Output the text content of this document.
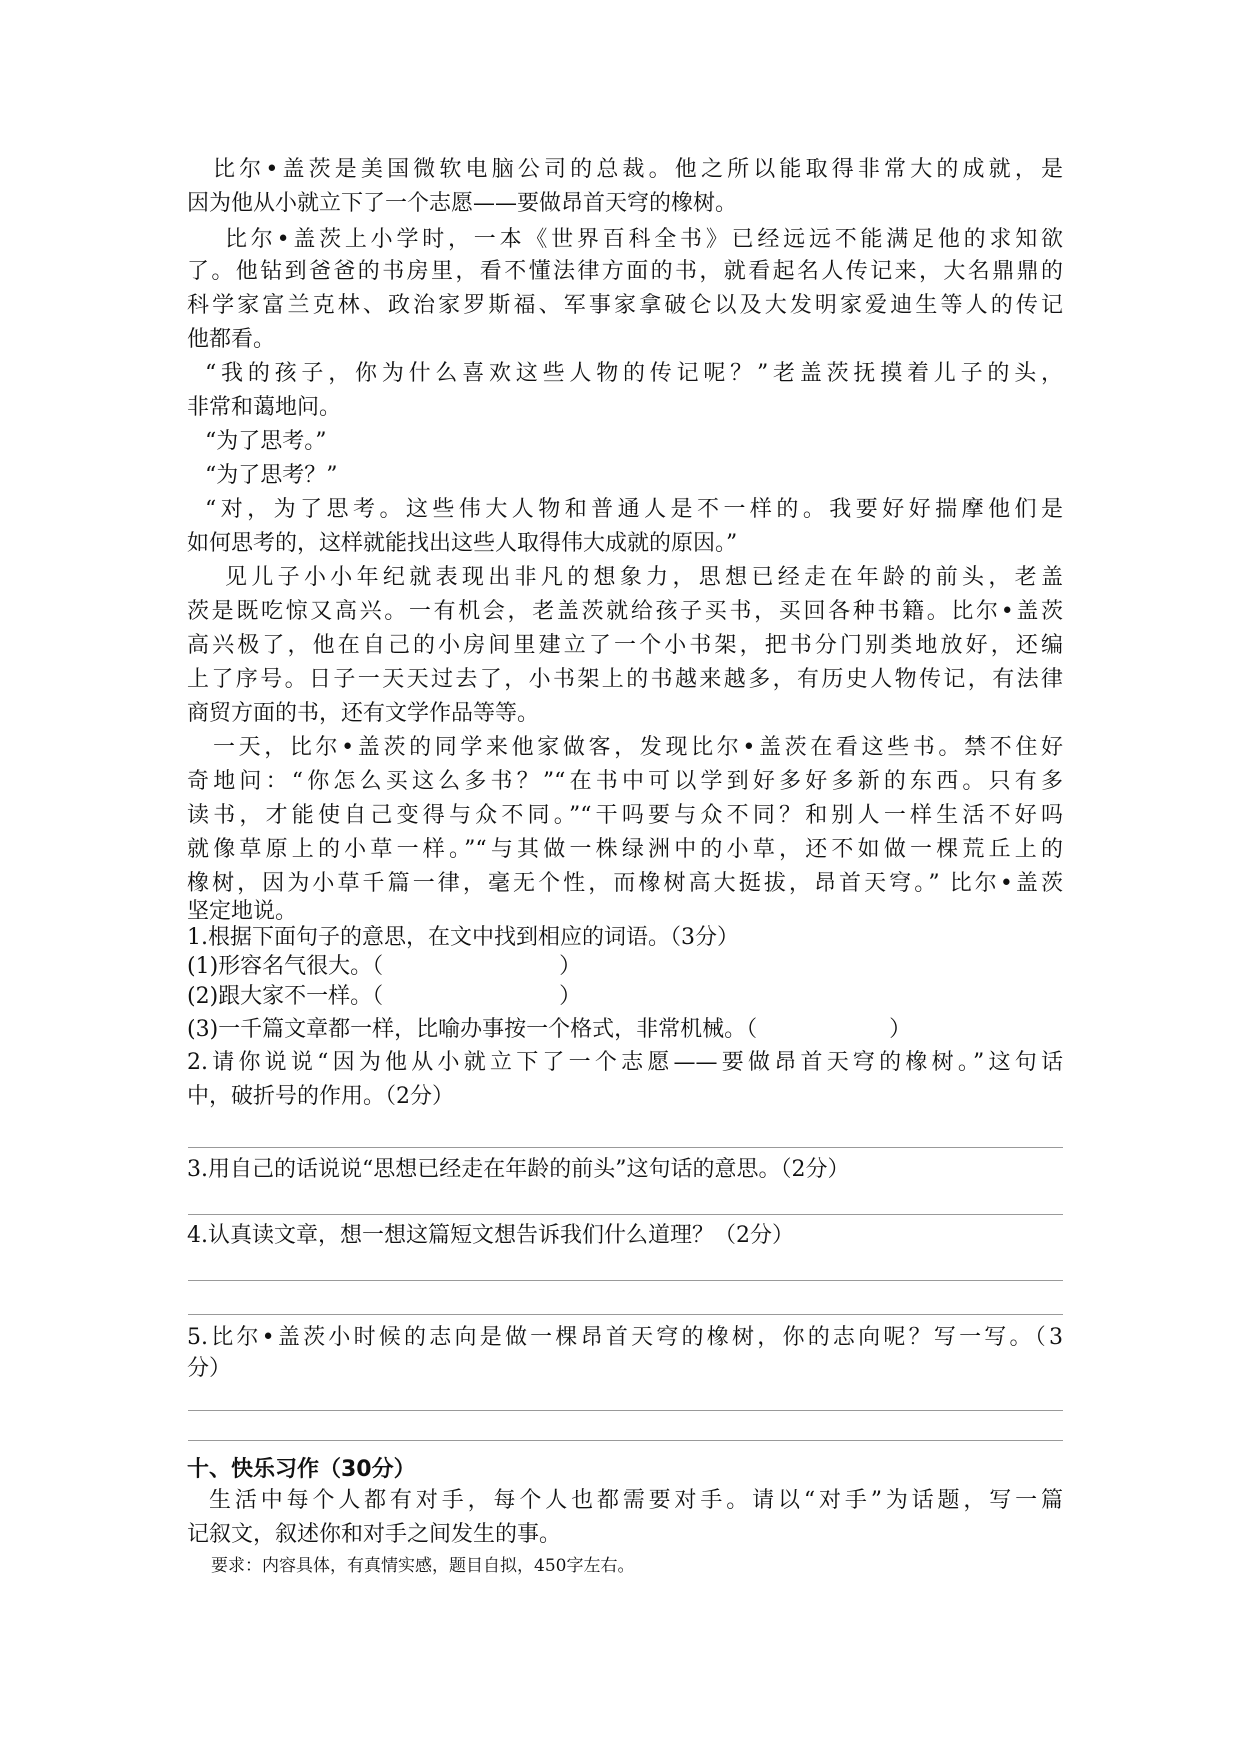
比尔•盖茨是美国微软电脑公司的总裁。他之所以能取得非常大的成就，是
因为他从小就立下了一个志愿——要做昂首天穹的橡树。
比尔•盖茨上小学时，一本《世界百科全书》已经远远不能满足他的求知欲
了。他钻到爸爸的书房里，看不懂法律方面的书，就看起名人传记来，大名鼎鼎的
科学家富兰克林、政治家罗斯福、军事家拿破仑以及大发明家爱迪生等人的传记
他都看。
“我的孩子，你为什么喜欢这些人物的传记呢？”老盖茨抚摸着儿子的头，
非常和蔼地问。
“为了思考。”
“为了思考？”
“对，为了思考。这些伟大人物和普通人是不一样的。我要好好揣摩他们是
如何思考的，这样就能找出这些人取得伟大成就的原因。”
见儿子小小年纪就表现出非凡的想象力，思想已经走在年龄的前头，老盖
茨是既吃惊又高兴。一有机会，老盖茨就给孩子买书，买回各种书籍。比尔•盖茨
高兴极了，他在自己的小房间里建立了一个小书架，把书分门别类地放好，还编
上了序号。日子一天天过去了，小书架上的书越来越多，有历史人物传记，有法律
商贸方面的书，还有文学作品等等。
一天，比尔•盖茨的同学来他家做客，发现比尔•盖茨在看这些书。禁不住好
奇地问：“你怎么买这么多书？”“在书中可以学到好多好多新的东西。只有多
读书，才能使自己变得与众不同。”“干吗要与众不同？和别人一样生活不好吗
就像草原上的小草一样。”“与其做一株绿洲中的小草，还不如做一棵荒丘上的
橡树，因为小草千篇一律，毫无个性，而橡树高大挺拔，昂首天穹。” 比尔•盖茨
坚定地说。
1.根据下面句子的意思，在文中找到相应的词语。（3分）
(1)形容名气很大。（　　　　　　　　）
(2)跟大家不一样。（　　　　　　　　）
(3)一千篇文章都一样，比喻办事按一个格式，非常机械。（　　　　　　）
2.请你说说“因为他从小就立下了一个志愿——要做昂首天穹的橡树。”这句话
中，破折号的作用。（2分）
3.用自己的话说说“思想已经走在年龄的前头”这句话的意思。（2分）
4.认真读文章，想一想这篇短文想告诉我们什么道理？（2分）
5.比尔•盖茨小时候的志向是做一棵昂首天穹的橡树，你的志向呢？写一写。（3
分）
十、快乐习作（30分）
生活中每个人都有对手，每个人也都需要对手。请以“对手”为话题，写一篇
记叙文，叙述你和对手之间发生的事。
要求：内容具体，有真情实感，题目自拟，450字左右。
